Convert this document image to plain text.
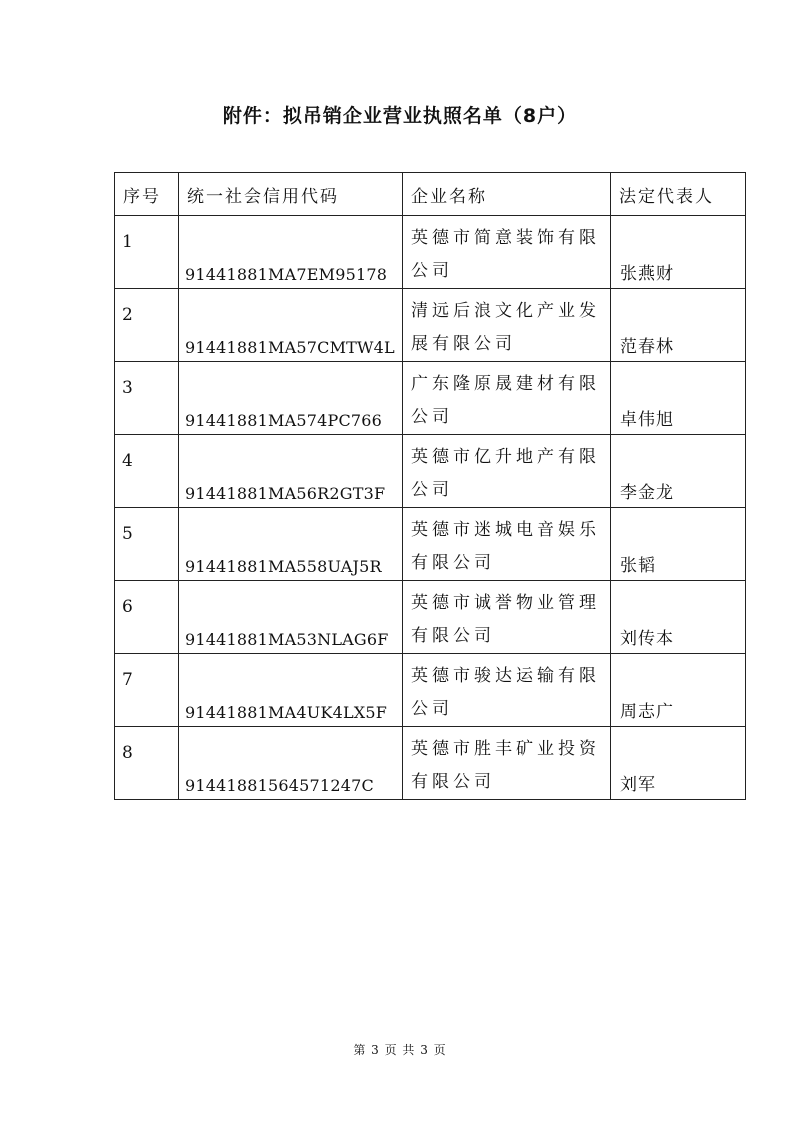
附件：拟吊销企业营业执照名单（8户）
序号	统一社会信用代码	企业名称	法定代表人

1	91441881MA7EM95178	英德市简意装饰有限公司	张燕财

2	91441881MA57CMTW4L	清远后浪文化产业发展有限公司	范春林

3	91441881MA574PC766	广东隆原晟建材有限公司	卓伟旭

4	91441881MA56R2GT3F	英德市亿升地产有限公司	李金龙

5	91441881MA558UAJ5R	英德市迷城电音娱乐有限公司	张韬

6	91441881MA53NLAG6F	英德市诚誉物业管理有限公司	刘传本

7	91441881MA4UK4LX5F	英德市骏达运输有限公司	周志广

8	91441881564571247C	英德市胜丰矿业投资有限公司	刘军
第 3 页 共 3 页
